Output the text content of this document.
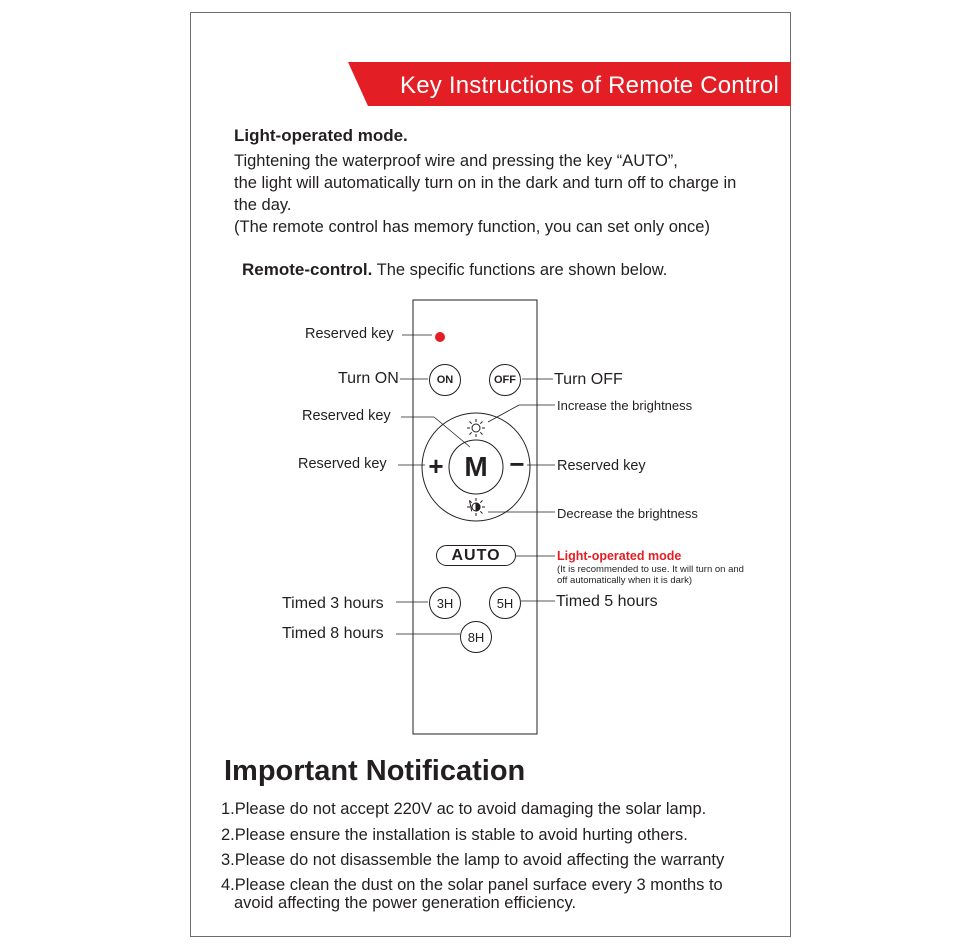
Key Instructions of Remote Control
Light-operated mode.
Tightening the waterproof wire and pressing the key “AUTO”,
the light will automatically turn on in the dark and turn off to charge in
the day.
(The remote control has memory function, you can set only once)
Remote-control. The specific functions are shown below.
ON	OFF
M
+	−
AUTO
3H	5H
8H
Reserved key
Turn ON	Turn OFF
Increase the brightness
Reserved key
Reserved key	Reserved key
Decrease the brightness
Light-operated mode
(It is recommended to use. It will turn on and
off automatically when it is dark)
Timed 3 hours	Timed 5 hours
Timed 8 hours
Important Notification
1.Please do not accept 220V ac to avoid damaging the solar lamp.
2.Please ensure the installation is stable to avoid hurting others.
3.Please do not disassemble the lamp to avoid affecting the warranty
4.Please clean the dust on the solar panel surface every 3 months to
avoid affecting the power generation efficiency.
